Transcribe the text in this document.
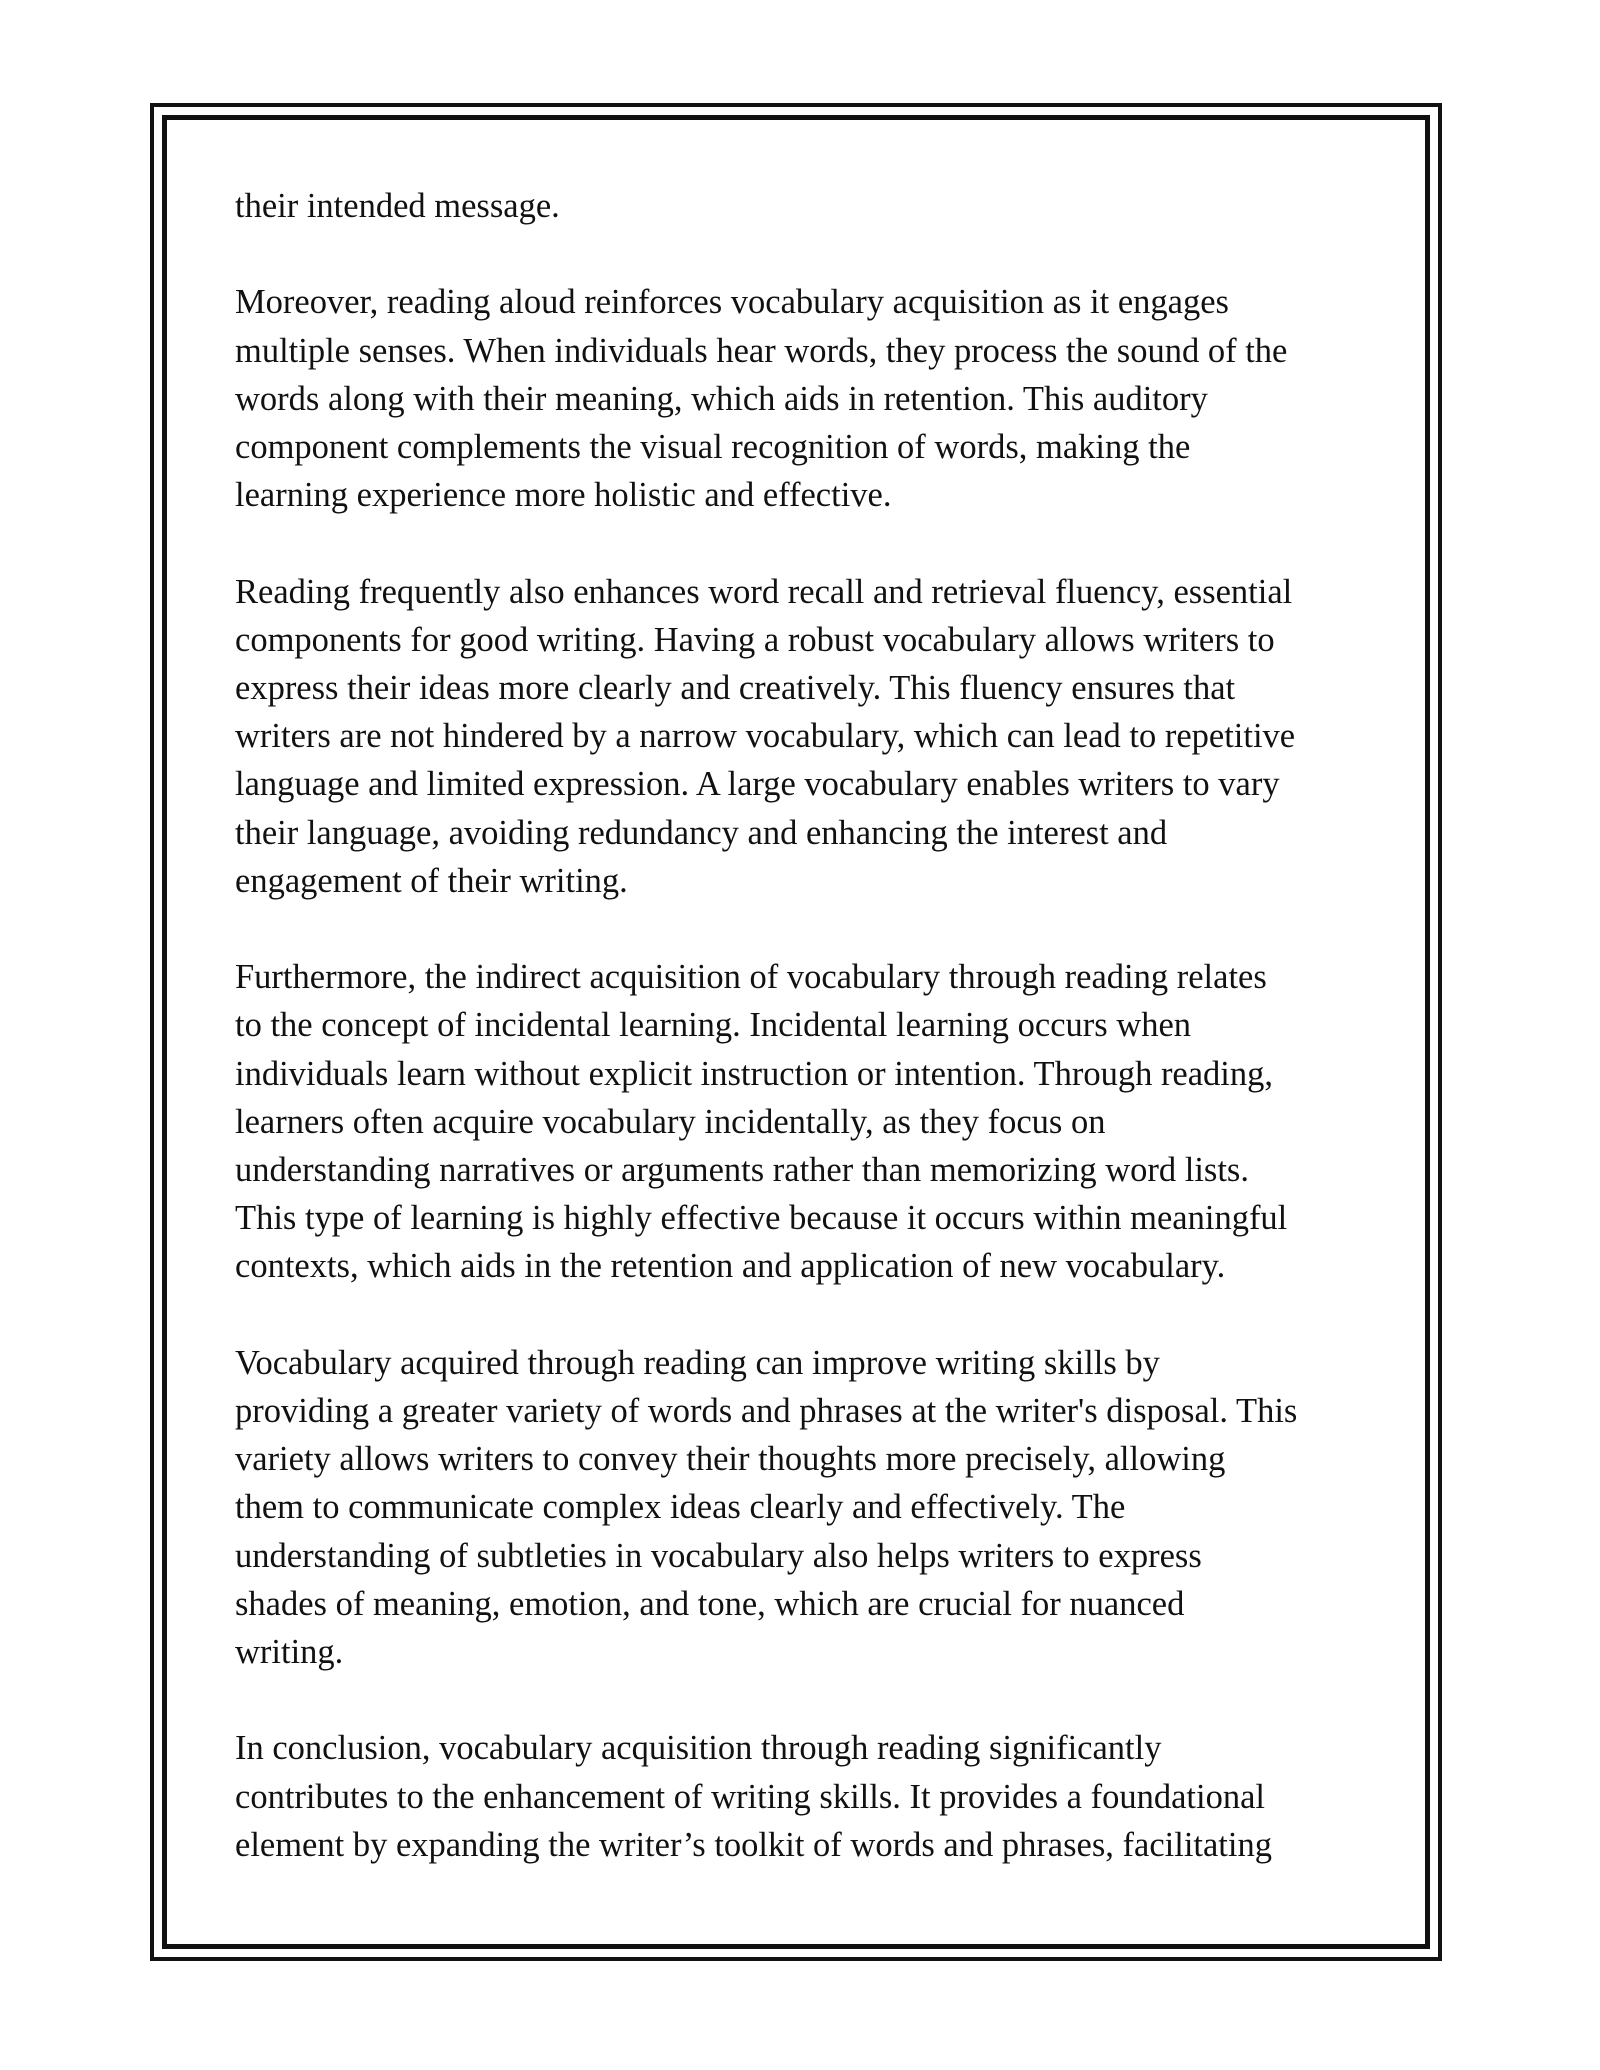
their intended message.

Moreover, reading aloud reinforces vocabulary acquisition as it engages
multiple senses. When individuals hear words, they process the sound of the
words along with their meaning, which aids in retention. This auditory
component complements the visual recognition of words, making the
learning experience more holistic and effective.

Reading frequently also enhances word recall and retrieval fluency, essential
components for good writing. Having a robust vocabulary allows writers to
express their ideas more clearly and creatively. This fluency ensures that
writers are not hindered by a narrow vocabulary, which can lead to repetitive
language and limited expression. A large vocabulary enables writers to vary
their language, avoiding redundancy and enhancing the interest and
engagement of their writing.

Furthermore, the indirect acquisition of vocabulary through reading relates
to the concept of incidental learning. Incidental learning occurs when
individuals learn without explicit instruction or intention. Through reading,
learners often acquire vocabulary incidentally, as they focus on
understanding narratives or arguments rather than memorizing word lists.
This type of learning is highly effective because it occurs within meaningful
contexts, which aids in the retention and application of new vocabulary.

Vocabulary acquired through reading can improve writing skills by
providing a greater variety of words and phrases at the writer's disposal. This
variety allows writers to convey their thoughts more precisely, allowing
them to communicate complex ideas clearly and effectively. The
understanding of subtleties in vocabulary also helps writers to express
shades of meaning, emotion, and tone, which are crucial for nuanced
writing.

In conclusion, vocabulary acquisition through reading significantly
contributes to the enhancement of writing skills. It provides a foundational
element by expanding the writer’s toolkit of words and phrases, facilitating
